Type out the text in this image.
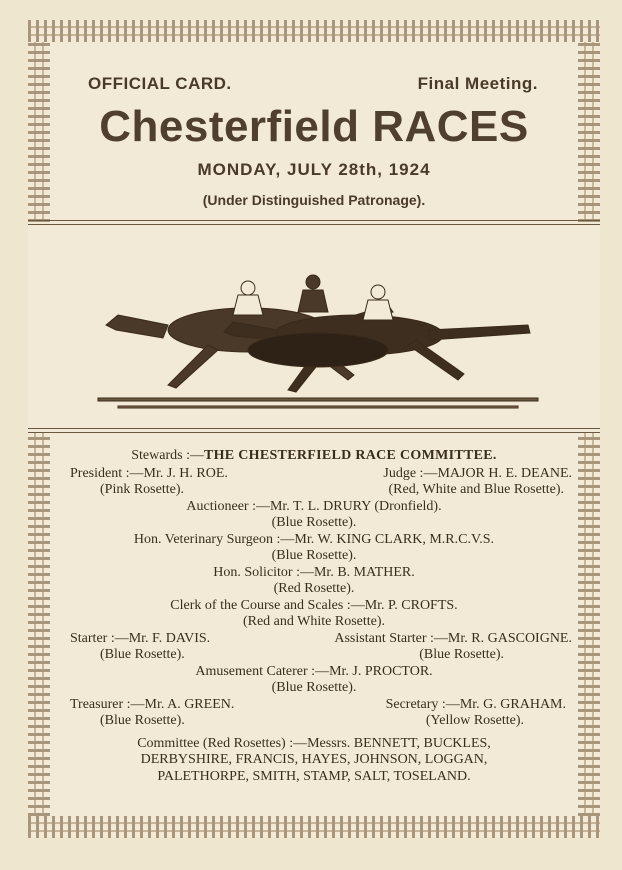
OFFICIAL CARD.	Final Meeting.
Chesterfield RACES
MONDAY, JULY 28th, 1924
(Under Distinguished Patronage).
Stewards :—THE CHESTERFIELD RACE COMMITTEE.
President :—Mr. J. H. ROE.	Judge :—MAJOR H. E. DEANE.
(Pink Rosette).	(Red, White and Blue Rosette).
Auctioneer :—Mr. T. L. DRURY (Dronfield).
(Blue Rosette).
Hon. Veterinary Surgeon :—Mr. W. KING CLARK, M.R.C.V.S.
(Blue Rosette).
Hon. Solicitor :—Mr. B. MATHER.
(Red Rosette).
Clerk of the Course and Scales :—Mr. P. CROFTS.
(Red and White Rosette).
Starter :—Mr. F. DAVIS.	Assistant Starter :—Mr. R. GASCOIGNE.
(Blue Rosette).	(Blue Rosette).
Amusement Caterer :—Mr. J. PROCTOR.
(Blue Rosette).
Treasurer :—Mr. A. GREEN.	Secretary :—Mr. G. GRAHAM.
(Blue Rosette).	(Yellow Rosette).
Committee (Red Rosettes) :—Messrs. BENNETT, BUCKLES,
DERBYSHIRE, FRANCIS, HAYES, JOHNSON, LOGGAN,
PALETHORPE, SMITH, STAMP, SALT, TOSELAND.
